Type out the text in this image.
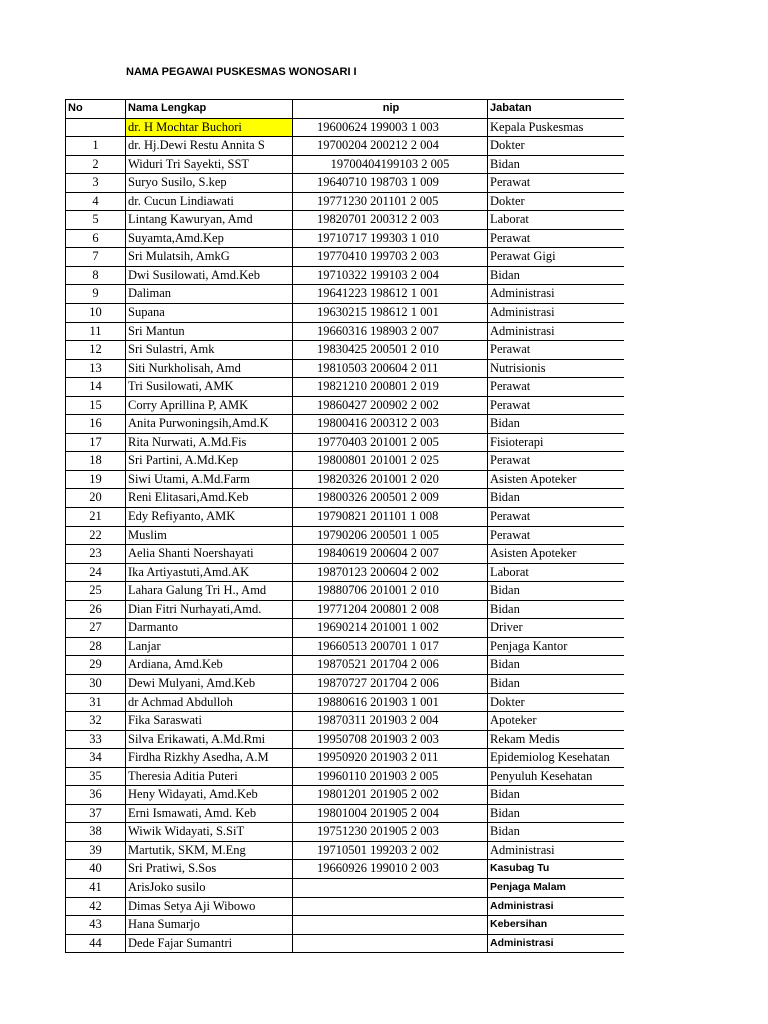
NAMA PEGAWAI PUSKESMAS WONOSARI I
No	Nama Lengkap	nip	Jabatan
	dr. H Mochtar Buchori	19600624 199003 1 003	Kepala Puskesmas
1	dr. Hj.Dewi Restu Annita S	19700204 200212 2 004	Dokter
2	Widuri Tri Sayekti, SST	19700404199103 2 005	Bidan
3	Suryo Susilo, S.kep	19640710 198703 1 009	Perawat
4	dr. Cucun Lindiawati	19771230 201101 2 005	Dokter
5	Lintang Kawuryan, Amd	19820701 200312 2 003	Laborat
6	Suyamta,Amd.Kep	19710717 199303 1 010	Perawat
7	Sri Mulatsih, AmkG	19770410 199703 2 003	Perawat Gigi
8	Dwi Susilowati, Amd.Keb	19710322 199103 2 004	Bidan
9	Daliman	19641223 198612 1 001	Administrasi
10	Supana	19630215 198612 1 001	Administrasi
11	Sri Mantun	19660316 198903 2 007	Administrasi
12	Sri Sulastri, Amk	19830425 200501 2 010	Perawat
13	Siti Nurkholisah, Amd	19810503 200604 2 011	Nutrisionis
14	Tri Susilowati, AMK	19821210 200801 2 019	Perawat
15	Corry Aprillina P, AMK	19860427 200902 2 002	Perawat
16	Anita Purwoningsih,Amd.K	19800416 200312 2 003	Bidan
17	Rita Nurwati, A.Md.Fis	19770403 201001 2 005	Fisioterapi
18	Sri Partini, A.Md.Kep	19800801 201001 2 025	Perawat
19	Siwi Utami, A.Md.Farm	19820326 201001 2 020	Asisten Apoteker
20	Reni Elitasari,Amd.Keb	19800326 200501 2 009	Bidan
21	Edy Refiyanto, AMK	19790821 201101 1 008	Perawat
22	Muslim	19790206 200501 1 005	Perawat
23	Aelia Shanti Noershayati	19840619 200604 2 007	Asisten Apoteker
24	Ika Artiyastuti,Amd.AK	19870123 200604 2 002	Laborat
25	Lahara Galung Tri H., Amd	19880706 201001 2 010	Bidan
26	Dian Fitri Nurhayati,Amd.	19771204 200801 2 008	Bidan
27	Darmanto	19690214 201001 1 002	Driver
28	Lanjar	19660513 200701 1 017	Penjaga Kantor
29	Ardiana, Amd.Keb	19870521 201704 2 006	Bidan
30	Dewi Mulyani, Amd.Keb	19870727 201704 2 006	Bidan
31	dr Achmad Abdulloh	19880616 201903 1 001	Dokter
32	Fika Saraswati	19870311 201903 2 004	Apoteker
33	Silva Erikawati, A.Md.Rmi	19950708 201903 2 003	Rekam Medis
34	Firdha Rizkhy Asedha, A.M	19950920 201903 2 011	Epidemiolog Kesehatan
35	Theresia Aditia Puteri	19960110 201903 2 005	Penyuluh Kesehatan
36	Heny Widayati, Amd.Keb	19801201 201905 2 002	Bidan
37	Erni Ismawati, Amd. Keb	19801004 201905 2 004	Bidan
38	Wiwik Widayati, S.SiT	19751230 201905 2 003	Bidan
39	Martutik, SKM, M.Eng	19710501 199203 2 002	Administrasi
40	Sri Pratiwi, S.Sos	19660926 199010 2 003	Kasubag Tu
41	ArisJoko susilo		Penjaga Malam
42	Dimas Setya Aji Wibowo		Administrasi
43	Hana Sumarjo		Kebersihan
44	Dede Fajar Sumantri		Administrasi
